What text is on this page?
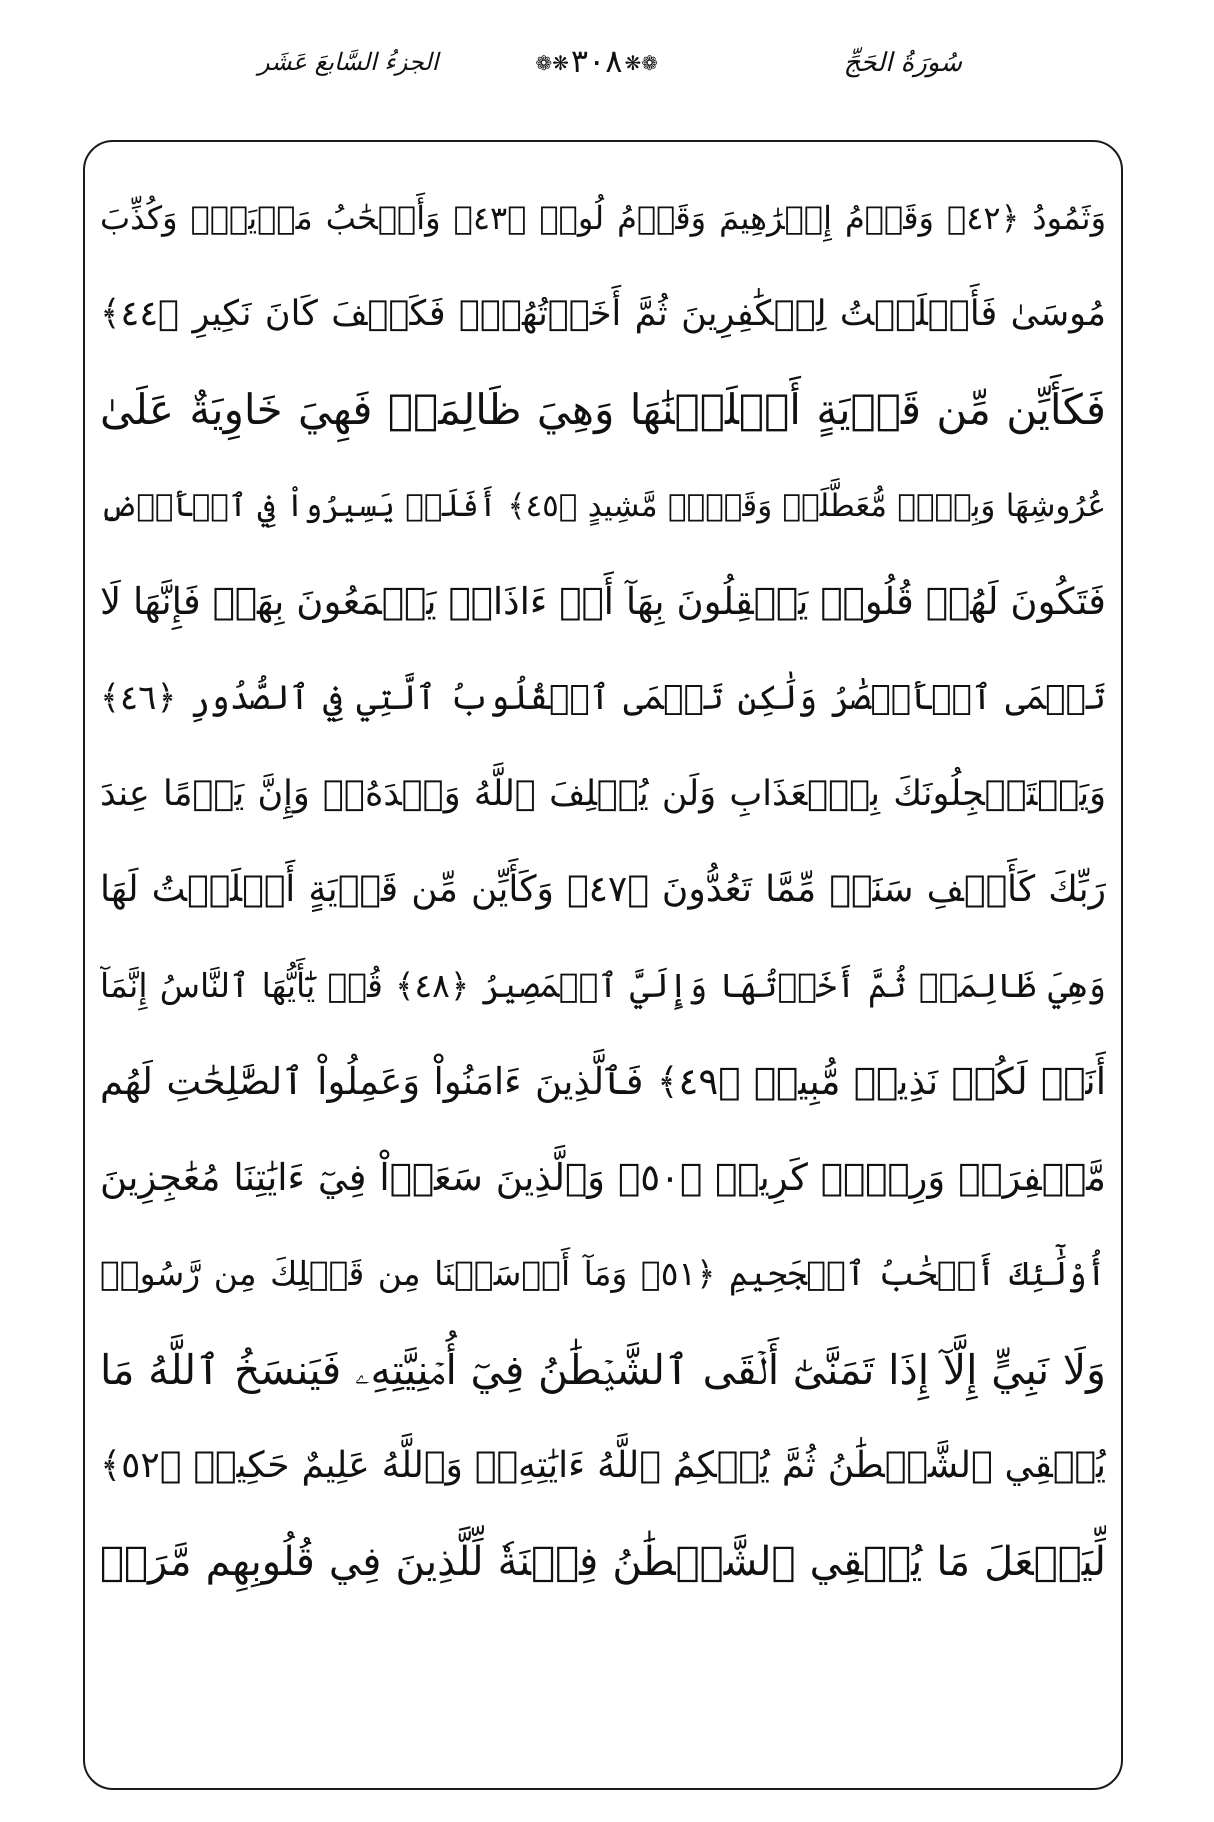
سُورَةُ الحَجِّ
❁❋٣٠٨❋❁
الجزءُ السَّابعَ عَشَر
وَثَمُودُ ﴿٤٢﴾ وَقَوۡمُ إِبۡرَٰهِيمَ وَقَوۡمُ لُوطٖ ﴿٤٣﴾ وَأَصۡحَٰبُ مَدۡيَنَۖ وَكُذِّبَ
مُوسَىٰ فَأَمۡلَيۡتُ لِلۡكَٰفِرِينَ ثُمَّ أَخَذۡتُهُمۡۖ فَكَيۡفَ كَانَ نَكِيرِ ﴿٤٤﴾
فَكَأَيِّن مِّن قَرۡيَةٍ أَهۡلَكۡنَٰهَا وَهِيَ ظَالِمَةٞ فَهِيَ خَاوِيَةٌ عَلَىٰ
عُرُوشِهَا وَبِئۡرٖ مُّعَطَّلَةٖ وَقَصۡرٖ مَّشِيدٍ ﴿٤٥﴾ أَفَلَمۡ يَسِيرُواْ فِي ٱلۡأَرۡضِ
فَتَكُونَ لَهُمۡ قُلُوبٞ يَعۡقِلُونَ بِهَآ أَوۡ ءَاذَانٞ يَسۡمَعُونَ بِهَاۖ فَإِنَّهَا لَا
تَعۡمَى ٱلۡأَبۡصَٰرُ وَلَٰكِن تَعۡمَى ٱلۡقُلُوبُ ٱلَّتِي فِي ٱلصُّدُورِ ﴿٤٦﴾
وَيَسۡتَعۡجِلُونَكَ بِٱلۡعَذَابِ وَلَن يُخۡلِفَ ٱللَّهُ وَعۡدَهُۥۚ وَإِنَّ يَوۡمًا عِندَ
رَبِّكَ كَأَلۡفِ سَنَةٖ مِّمَّا تَعُدُّونَ ﴿٤٧﴾ وَكَأَيِّن مِّن قَرۡيَةٍ أَمۡلَيۡتُ لَهَا
وَهِيَ ظَالِمَةٞ ثُمَّ أَخَذۡتُهَا وَإِلَيَّ ٱلۡمَصِيرُ ﴿٤٨﴾ قُلۡ يَٰٓأَيُّهَا ٱلنَّاسُ إِنَّمَآ
أَنَا۠ لَكُمۡ نَذِيرٞ مُّبِينٞ ﴿٤٩﴾ فَٱلَّذِينَ ءَامَنُواْ وَعَمِلُواْ ٱلصَّٰلِحَٰتِ لَهُم
مَّغۡفِرَةٞ وَرِزۡقٞ كَرِيمٞ ﴿٥٠﴾ وَٱلَّذِينَ سَعَوۡاْ فِيٓ ءَايَٰتِنَا مُعَٰجِزِينَ
أُوْلَٰٓئِكَ أَصۡحَٰبُ ٱلۡجَحِيمِ ﴿٥١﴾ وَمَآ أَرۡسَلۡنَا مِن قَبۡلِكَ مِن رَّسُولٖ
وَلَا نَبِيٍّ إِلَّآ إِذَا تَمَنَّىٰٓ أَلۡقَى ٱلشَّيۡطَٰنُ فِيٓ أُمۡنِيَّتِهِۦ فَيَنسَخُ ٱللَّهُ مَا
يُلۡقِي ٱلشَّيۡطَٰنُ ثُمَّ يُحۡكِمُ ٱللَّهُ ءَايَٰتِهِۦۗ وَٱللَّهُ عَلِيمٌ حَكِيمٞ ﴿٥٢﴾
لِّيَجۡعَلَ مَا يُلۡقِي ٱلشَّيۡطَٰنُ فِتۡنَةٗ لِّلَّذِينَ فِي قُلُوبِهِم مَّرَضٞ
